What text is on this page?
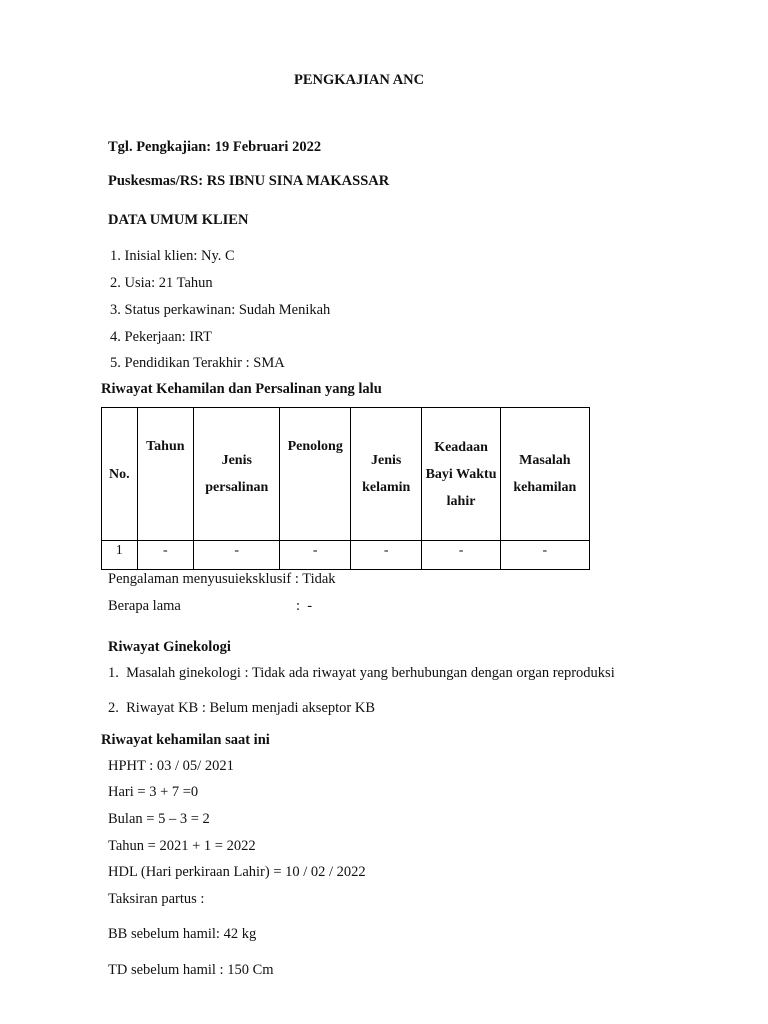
PENGKAJIAN ANC
Tgl. Pengkajian: 19 Februari 2022
Puskesmas/RS: RS IBNU SINA MAKASSAR
DATA UMUM KLIEN
1. Inisial klien: Ny. C
2. Usia: 21 Tahun
3. Status perkawinan: Sudah Menikah
4. Pekerjaan: IRT
5. Pendidikan Terakhir : SMA
Riwayat Kehamilan dan Persalinan yang lalu
No.	Tahun	Jenis persalinan	Penolong	Jenis kelamin	Keadaan Bayi Waktu lahir	Masalah kehamilan
1	-	-	-	-	-	-
Pengalaman menyusuieksklusif : Tidak
Berapa lama	:  -
Riwayat Ginekologi
1.  Masalah ginekologi : Tidak ada riwayat yang berhubungan dengan organ reproduksi
2.  Riwayat KB : Belum menjadi akseptor KB
Riwayat kehamilan saat ini
HPHT : 03 / 05/ 2021
Hari = 3 + 7 =0
Bulan = 5 – 3 = 2
Tahun = 2021 + 1 = 2022
HDL (Hari perkiraan Lahir) = 10 / 02 / 2022
Taksiran partus :
BB sebelum hamil: 42 kg
TD sebelum hamil : 150 Cm
